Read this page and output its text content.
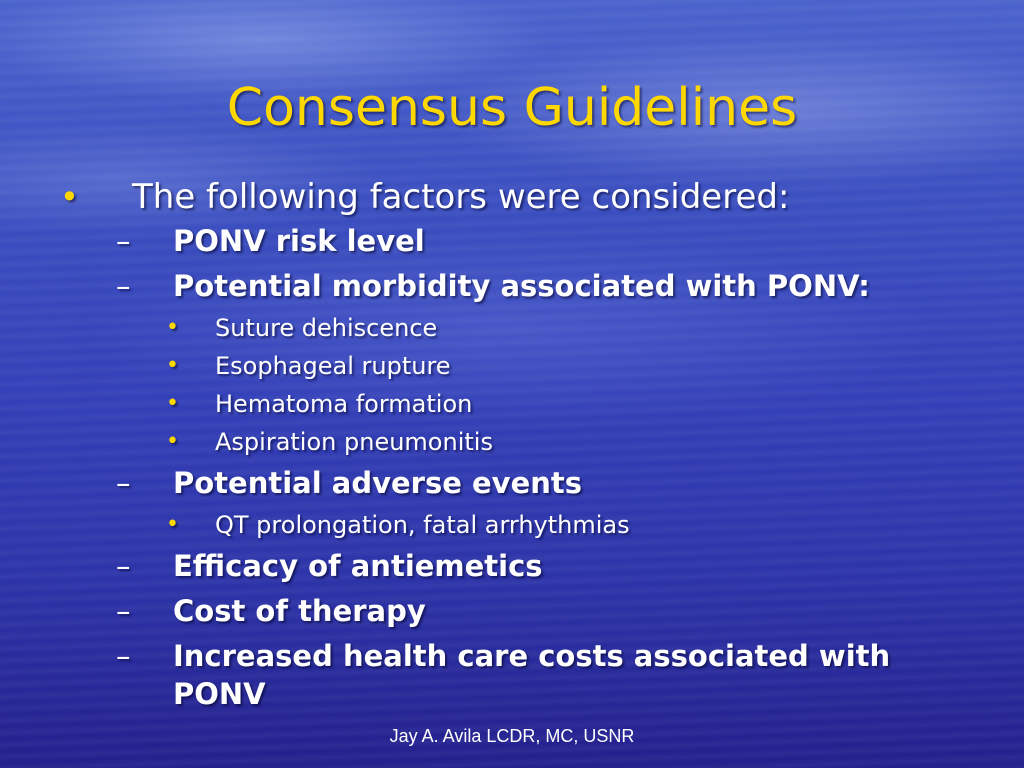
Consensus Guidelines
• The following factors were considered:
– PONV risk level
– Potential morbidity associated with PONV:
• Suture dehiscence
• Esophageal rupture
• Hematoma formation
• Aspiration pneumonitis
– Potential adverse events
• QT prolongation, fatal arrhythmias
– Efficacy of antiemetics
– Cost of therapy
– Increased health care costs associated with
PONV
Jay A. Avila LCDR, MC, USNR
